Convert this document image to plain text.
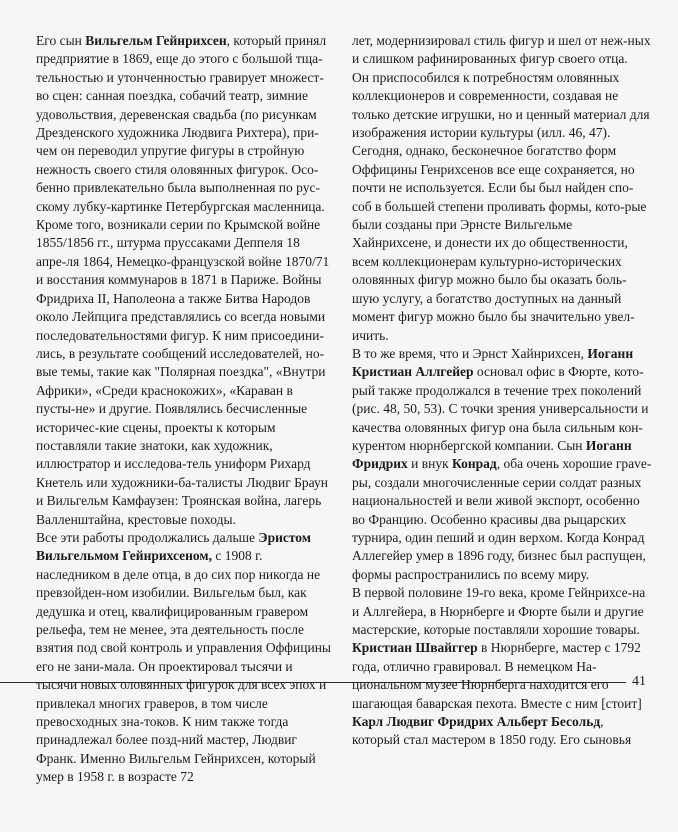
Его сын Вильгельм Гейнрихсен, который принял предприятие в 1869, еще до этого с большой тща-тельностью и утонченностью гравирует множест-во сцен: санная поездка, собачий театр, зимние удовольствия, деревенская свадьба (по рисункам Дрезденского художника Людвига Рихтера), при-чем он переводил упругие фигуры в стройную нежность своего стиля оловянных фигурок. Осо-бенно привлекательно была выполненная по рус-скому лубку-картинке Петербургская масленница. Кроме того, возникали серии по Крымской войне 1855/1856 гг., штурма пруссаками Деппеля 18 апре-ля 1864, Немецко-французской войне 1870/71 и восстания коммунаров в 1871 в Париже. Войны Фридриха II, Наполеона а также Битва Народов около Лейпцига представлялись со всегда новыми последовательностями фигур. К ним присоедини-лись, в результате сообщений исследователей, но-вые темы, такие как "Полярная поездка", «Внутри Африки», «Среди краснокожих», «Караван в пусты-не» и другие. Появлялись бесчисленные историчес-кие сцены, проекты к которым поставляли такие знатоки, как художник, иллюстратор и исследова-тель униформ Рихард Кнетель или художники-ба-талисты Людвиг Браун и Вильгельм Камфаузен: Троянская война, лагерь Валленштайна, крестовые походы.

Все эти работы продолжались дальше Эристом Вильгельмом Гейнрихсеном, с 1908 г. наследником в деле отца, в до сих пор никогда не превзойден-ном изобилии. Вильгельм был, как дедушка и отец, квалифицированным гравером рельефа, тем не менее, эта деятельность после взятия под свой контроль и управления Оффицины его не зани-мала. Он проектировал тысячи и тысячи новых оловянных фигурок для всех эпох и привлекал многих граверов, в том числе превосходных зна-токов. К ним также тогда принадлежал более позд-ний мастер, Людвиг Франк. Именно Вильгельм Гейнрихсен, который умер в 1958 г. в возрасте 72

лет, модернизировал стиль фигур и шел от неж-ных и слишком рафинированных фигур своего отца.

Он приспособился к потребностям оловянных коллекционеров и современности, создавая не только детские игрушки, но и ценный материал для изображения истории культуры (илл. 46, 47). Сегодня, однако, бесконечное богатство форм Оффицины Генрихсенов все еще сохраняется, но почти не используется. Если бы был найден спо-соб в большей степени проливать формы, кото-рые были созданы при Эрнсте Вильгельме Хайнрихсене, и донести их до общественности, всем коллекционерам культурно-исторических оловянных фигур можно было бы оказать боль-шую услугу, а богатство доступных на данный момент фигур можно было бы значительно увел-ичить.

В то же время, что и Эрнст Хайнрихсен, Иоганн Кристиан Аллгейер основал офис в Фюрте, кото-рый также продолжался в течение трех поколений (рис. 48, 50, 53). С точки зрения универсальности и качества оловянных фигур она была сильным кон-курентом нюрнбергской компании. Сын Иоганн Фридрих и внук Конрад, оба очень хорошие грave-ры, создали многочисленные серии солдат разных национальностей и вели живой экспорт, особенно во Францию. Особенно красивы два рыцарских турнира, один пеший и один верхом. Когда Конрад Аллегейер умер в 1896 году, бизнес был распущен, формы распространились по всему миру.

В первой половине 19-го века, кроме Гейнрихсе-на и Аллгейера, в Нюрнберге и Фюрте были и другие мастерские, которые поставляли хорошие товары. Кристиан Швайггер в Нюрнберге, мастер с 1792 года, отлично гравировал. В немецком На-циональном музее Нюрнберга находится его шагающая баварская пехота. Вместе с ним [стоит] Карл Людвиг Фридрих Альберт Бесольд, который стал мастером в 1850 году. Его сыновья

41
